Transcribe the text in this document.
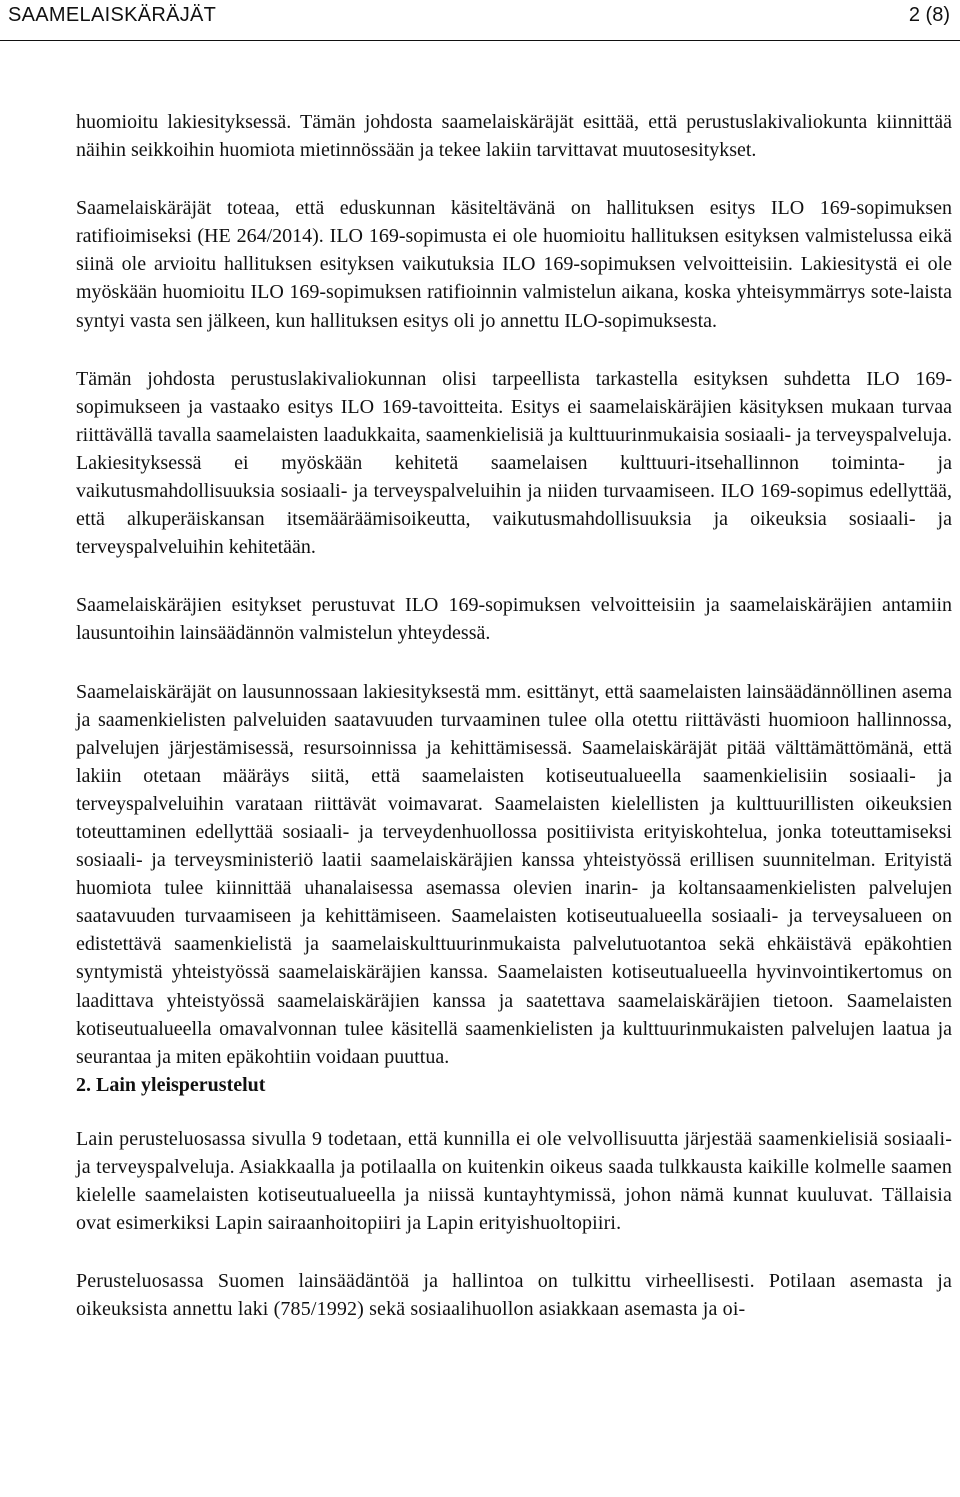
SAAMELAISKÄRÄJÄT	2 (8)

huomioitu lakiesityksessä. Tämän johdosta saamelaiskäräjät esittää, että perustuslakivaliokunta kiinnittää näihin seikkoihin huomiota mietinnössään ja tekee lakiin tarvittavat muutosesitykset.

Saamelaiskäräjät toteaa, että eduskunnan käsiteltävänä on hallituksen esitys ILO 169-sopimuksen ratifioimiseksi (HE 264/2014). ILO 169-sopimusta ei ole huomioitu hallituksen esityksen valmistelussa eikä siinä ole arvioitu hallituksen esityksen vaikutuksia ILO 169-sopimuksen velvoitteisiin. Lakiesitystä ei ole myöskään huomioitu ILO 169-sopimuksen ratifioinnin valmistelun aikana, koska yhteisymmärrys sote-laista syntyi vasta sen jälkeen, kun hallituksen esitys oli jo annettu ILO-sopimuksesta.

Tämän johdosta perustuslakivaliokunnan olisi tarpeellista tarkastella esityksen suhdetta ILO 169-sopimukseen ja vastaako esitys ILO 169-tavoitteita. Esitys ei saamelaiskäräjien käsityksen mukaan turvaa riittävällä tavalla saamelaisten laadukkaita, saamenkielisiä ja kulttuurinmukaisia sosiaali- ja terveyspalveluja. Lakiesityksessä ei myöskään kehitetä saamelaisen kulttuuri-itsehallinnon toiminta- ja vaikutusmahdollisuuksia sosiaali- ja terveyspalveluihin ja niiden turvaamiseen. ILO 169-sopimus edellyttää, että alkuperäiskansan itsemääräämisoikeutta, vaikutusmahdollisuuksia ja oikeuksia sosiaali- ja terveyspalveluihin kehitetään.

Saamelaiskäräjien esitykset perustuvat ILO 169-sopimuksen velvoitteisiin ja saamelaiskäräjien antamiin lausuntoihin lainsäädännön valmistelun yhteydessä.

Saamelaiskäräjät on lausunnossaan lakiesityksestä mm. esittänyt, että saamelaisten lainsäädännöllinen asema ja saamenkielisten palveluiden saatavuuden turvaaminen tulee olla otettu riittävästi huomioon hallinnossa, palvelujen järjestämisessä, resursoinnissa ja kehittämisessä. Saamelaiskäräjät pitää välttämättömänä, että lakiin otetaan määräys siitä, että saamelaisten kotiseutualueella saamenkielisiin sosiaali- ja terveyspalveluihin varataan riittävät voimavarat. Saamelaisten kielellisten ja kulttuurillisten oikeuksien toteuttaminen edellyttää sosiaali- ja terveydenhuollossa positiivista erityiskohtelua, jonka toteuttamiseksi sosiaali- ja terveysministeriö laatii saamelaiskäräjien kanssa yhteistyössä erillisen suunnitelman. Erityistä huomiota tulee kiinnittää uhanalaisessa asemassa olevien inarin- ja koltansaamenkielisten palvelujen saatavuuden turvaamiseen ja kehittämiseen. Saamelaisten kotiseutualueella sosiaali- ja terveysalueen on edistettävä saamenkielistä ja saamelaiskulttuurinmukaista palvelutuotantoa sekä ehkäistävä epäkohtien syntymistä yhteistyössä saamelaiskäräjien kanssa. Saamelaisten kotiseutualueella hyvinvointikertomus on laadittava yhteistyössä saamelaiskäräjien kanssa ja saatettava saamelaiskäräjien tietoon. Saamelaisten kotiseutualueella omavalvonnan tulee käsitellä saamenkielisten ja kulttuurinmukaisten palvelujen laatua ja seurantaa ja miten epäkohtiin voidaan puuttua.

2. Lain yleisperustelut

Lain perusteluosassa sivulla 9 todetaan, että kunnilla ei ole velvollisuutta järjestää saamenkielisiä sosiaali- ja terveyspalveluja. Asiakkaalla ja potilaalla on kuitenkin oikeus saada tulkkausta kaikille kolmelle saamen kielelle saamelaisten kotiseutualueella ja niissä kuntayhtymissä, johon nämä kunnat kuuluvat. Tällaisia ovat esimerkiksi Lapin sairaanhoitopiiri ja Lapin erityishuoltopiiri.

Perusteluosassa Suomen lainsäädäntöä ja hallintoa on tulkittu virheellisesti. Potilaan asemasta ja oikeuksista annettu laki (785/1992) sekä sosiaalihuollon asiakkaan asemasta ja oi-
